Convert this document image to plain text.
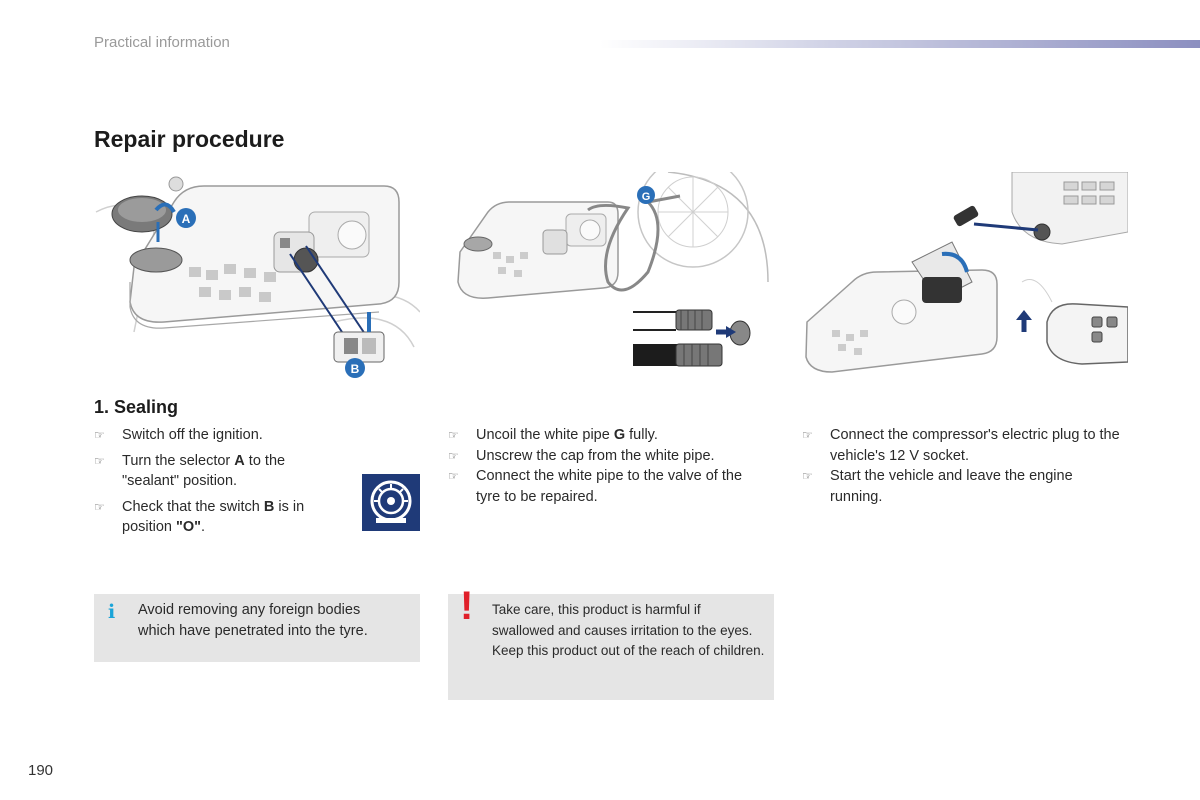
Practical information
Repair procedure
A
B
G
1. Sealing
☞ Switch off the ignition.
☞ Turn the selector A to the "sealant" position.
☞ Check that the switch B is in position "O".
☞ Uncoil the white pipe G fully.
☞ Unscrew the cap from the white pipe.
☞ Connect the white pipe to the valve of the tyre to be repaired.
☞ Connect the compressor's electric plug to the vehicle's 12 V socket.
☞ Start the vehicle and leave the engine running.
i Avoid removing any foreign bodies which have penetrated into the tyre.
! Take care, this product is harmful if swallowed and causes irritation to the eyes. Keep this product out of the reach of children.
190
